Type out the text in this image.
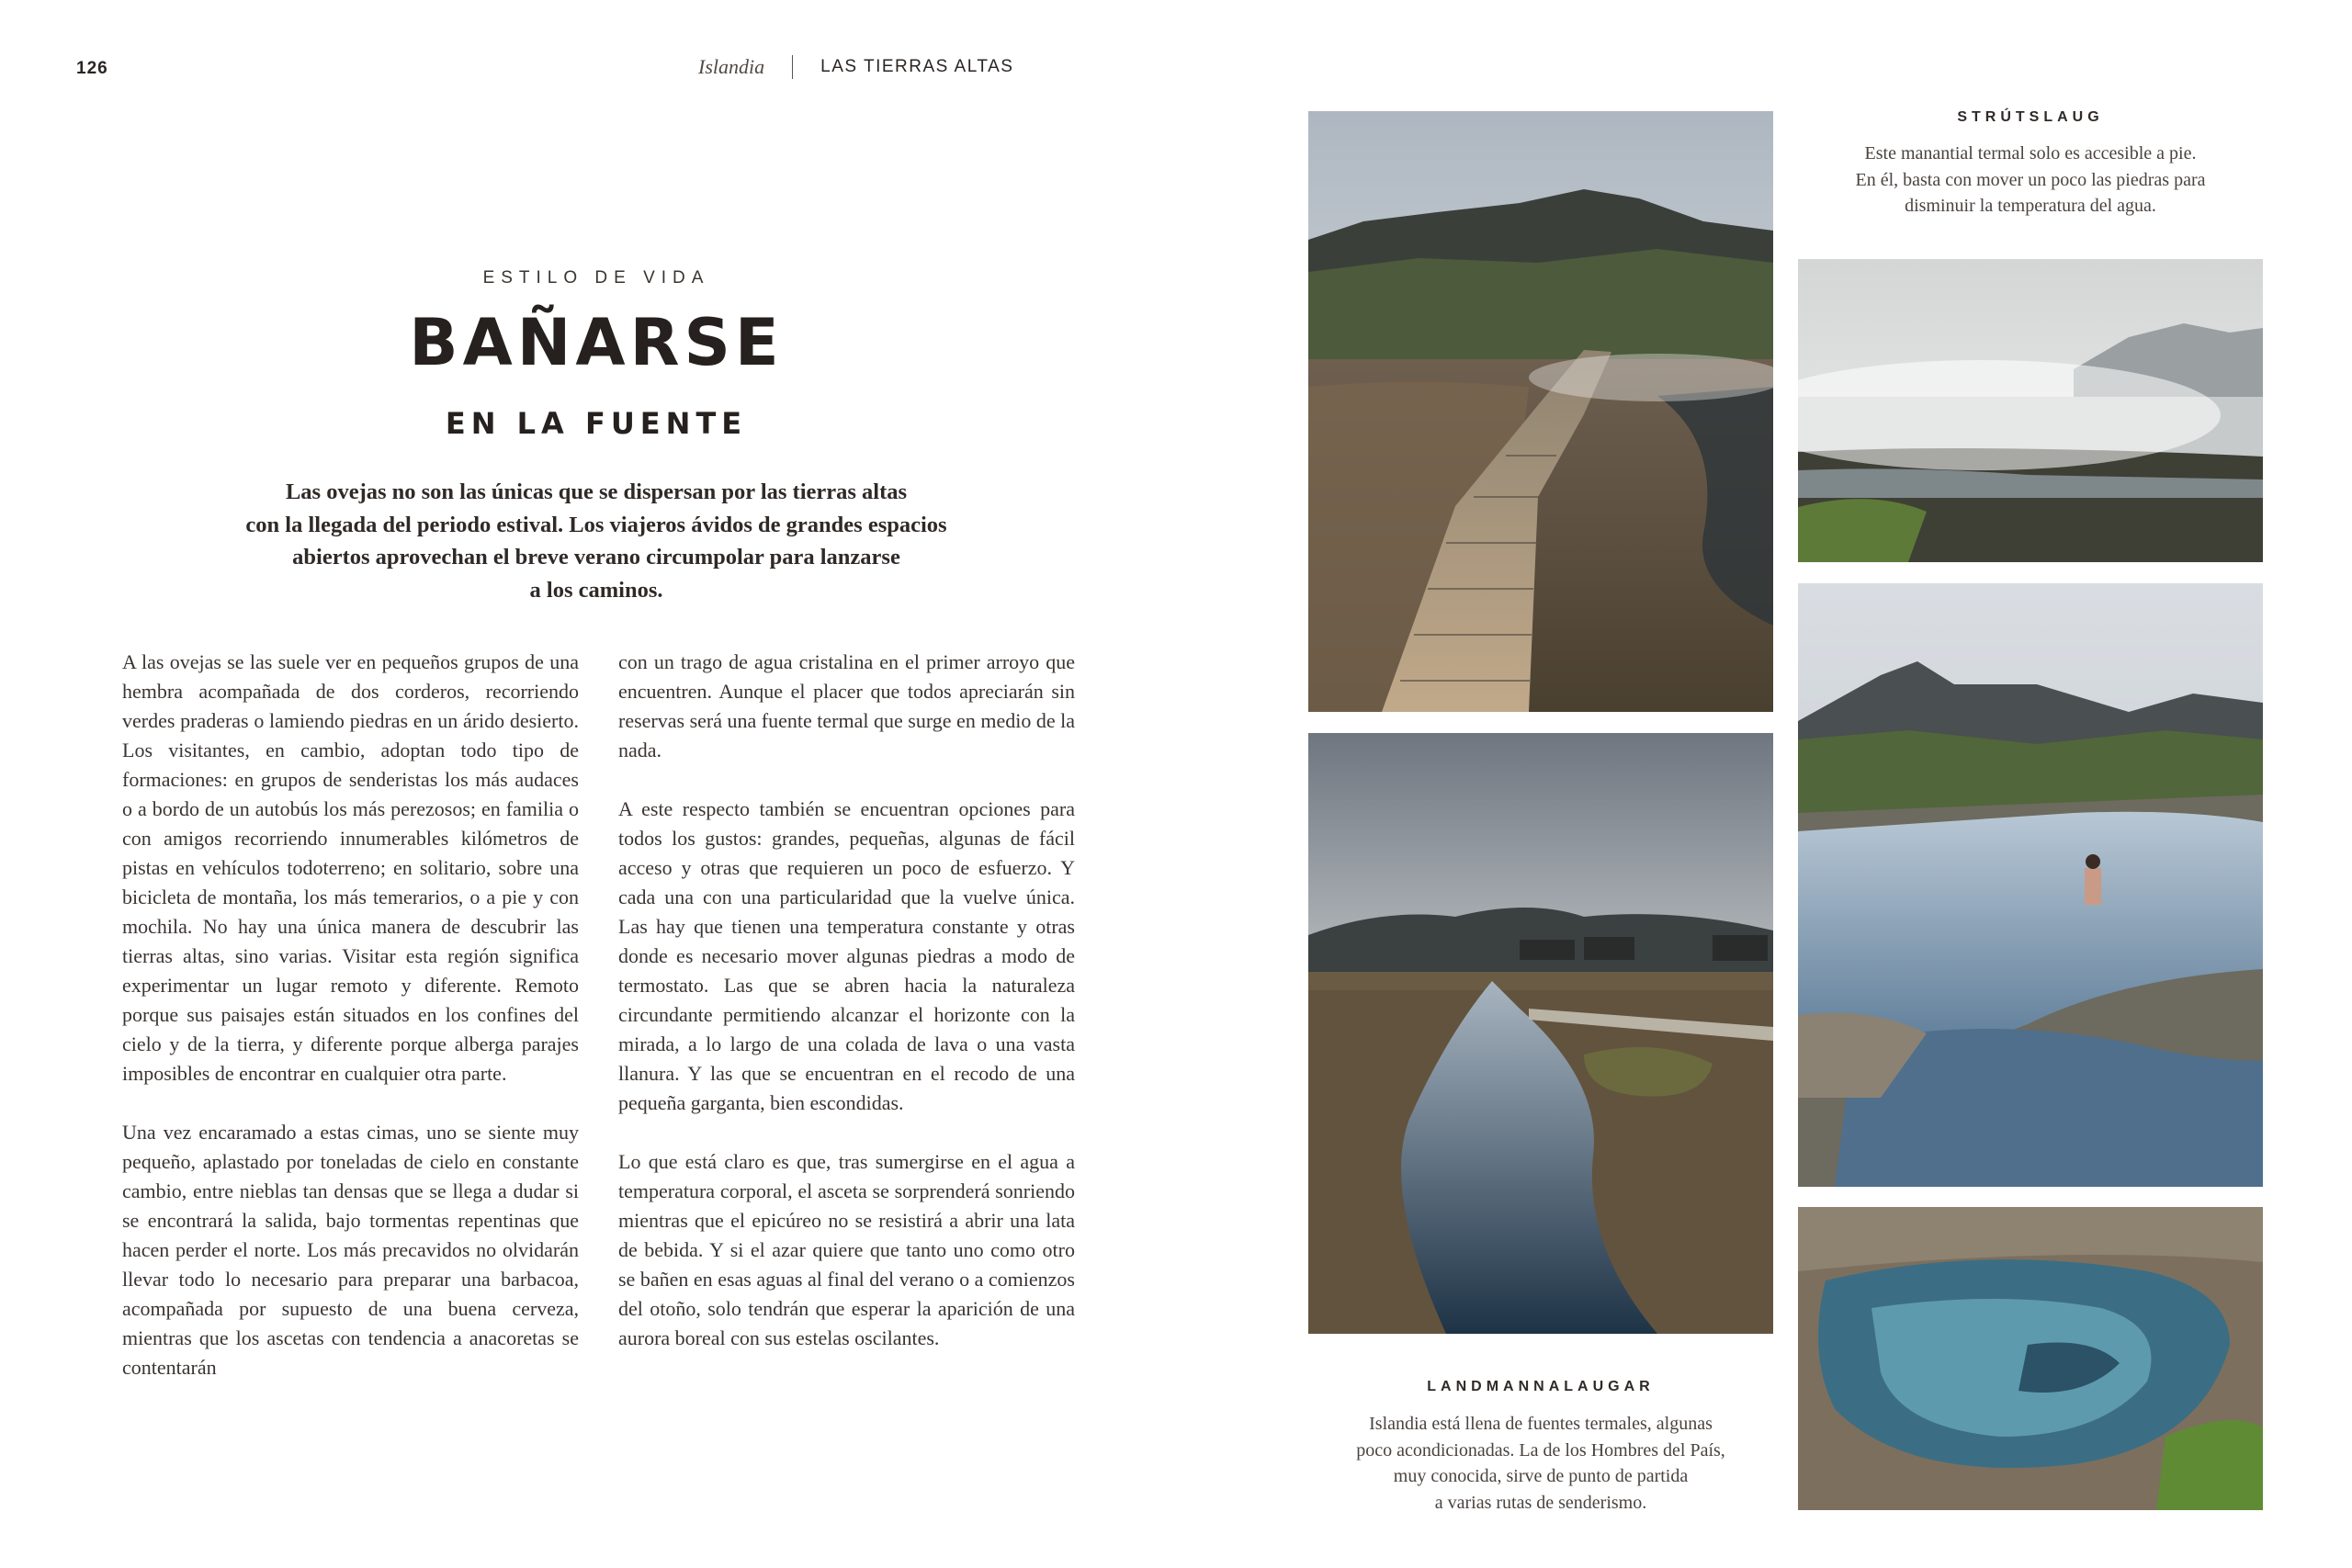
126	Islandia	LAS TIERRAS ALTAS
ESTILO DE VIDA
BAÑARSE
EN LA FUENTE
Las ovejas no son las únicas que se dispersan por las tierras altas
con la llegada del periodo estival. Los viajeros ávidos de grandes espacios
abiertos aprovechan el breve verano circumpolar para lanzarse
a los caminos.

A las ovejas se las suele ver en pequeños grupos de una hembra acompañada de dos corderos, recorriendo verdes praderas o lamiendo piedras en un árido desierto. Los visitantes, en cambio, adoptan todo tipo de formaciones: en grupos de senderistas los más audaces o a bordo de un autobús los más perezosos; en familia o con amigos recorriendo innumerables kilómetros de pistas en vehículos todoterreno; en solitario, sobre una bicicleta de montaña, los más temerarios, o a pie y con mochila. No hay una única manera de descubrir las tierras altas, sino varias. Visitar esta región significa experimentar un lugar remoto y diferente. Remoto porque sus paisajes están situados en los confines del cielo y de la tierra, y diferente porque alberga parajes imposibles de encontrar en cualquier otra parte.

Una vez encaramado a estas cimas, uno se siente muy pequeño, aplastado por toneladas de cielo en constante cambio, entre nieblas tan densas que se llega a dudar si se encontrará la salida, bajo tormentas repentinas que hacen perder el norte. Los más precavidos no olvidarán llevar todo lo necesario para preparar una barbacoa, acompañada por supuesto de una buena cerveza, mientras que los ascetas con tendencia a anacoretas se contentarán

con un trago de agua cristalina en el primer arroyo que encuentren. Aunque el placer que todos apreciarán sin reservas será una fuente termal que surge en medio de la nada.

A este respecto también se encuentran opciones para todos los gustos: grandes, pequeñas, algunas de fácil acceso y otras que requieren un poco de esfuerzo. Y cada una con una particularidad que la vuelve única. Las hay que tienen una temperatura constante y otras donde es necesario mover algunas piedras a modo de termostato. Las que se abren hacia la naturaleza circundante permitiendo alcanzar el horizonte con la mirada, a lo largo de una colada de lava o una vasta llanura. Y las que se encuentran en el recodo de una pequeña garganta, bien escondidas.

Lo que está claro es que, tras sumergirse en el agua a temperatura corporal, el asceta se sorprenderá sonriendo mientras que el epicúreo no se resistirá a abrir una lata de bebida. Y si el azar quiere que tanto uno como otro se bañen en esas aguas al final del verano o a comienzos del otoño, solo tendrán que esperar la aparición de una aurora boreal con sus estelas oscilantes.

STRÚTSLAUG
Este manantial termal solo es accesible a pie.
En él, basta con mover un poco las piedras para
disminuir la temperatura del agua.
LANDMANNALAUGAR
Islandia está llena de fuentes termales, algunas
poco acondicionadas. La de los Hombres del País,
muy conocida, sirve de punto de partida
a varias rutas de senderismo.
